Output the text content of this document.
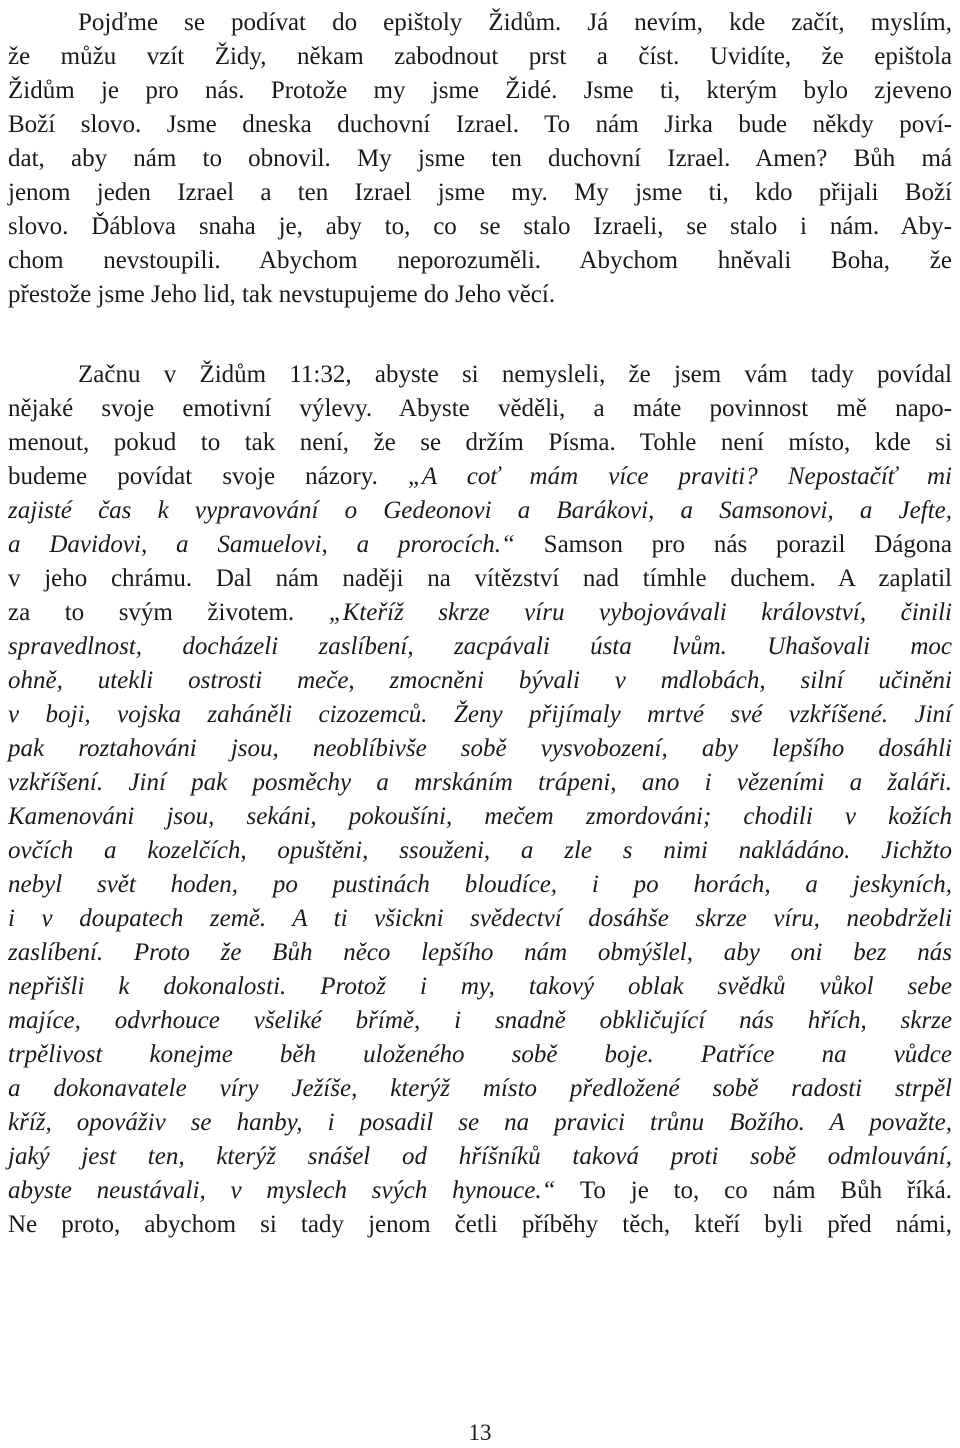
Pojďme se podívat do epištoly Židům. Já nevím, kde začít, myslím,
že můžu vzít Židy, někam zabodnout prst a číst. Uvidíte, že epištola
Židům je pro nás. Protože my jsme Židé. Jsme ti, kterým bylo zjeveno
Boží slovo. Jsme dneska duchovní Izrael. To nám Jirka bude někdy poví-
dat, aby nám to obnovil. My jsme ten duchovní Izrael. Amen? Bůh má
jenom jeden Izrael a ten Izrael jsme my. My jsme ti, kdo přijali Boží
slovo. Ďáblova snaha je, aby to, co se stalo Izraeli, se stalo i nám. Aby-
chom nevstoupili. Abychom neporozuměli. Abychom hněvali Boha, že
přestože jsme Jeho lid, tak nevstupujeme do Jeho věcí.
Začnu v Židům 11:32, abyste si nemysleli, že jsem vám tady povídal
nějaké svoje emotivní výlevy. Abyste věděli, a máte povinnost mě napo-
menout, pokud to tak není, že se držím Písma. Tohle není místo, kde si
budeme povídat svoje názory. „A coť mám více praviti? Nepostačíť mi
zajisté čas k vypravování o Gedeonovi a Barákovi, a Samsonovi, a Jefte,
a Davidovi, a Samuelovi, a prorocích.“ Samson pro nás porazil Dágona
v jeho chrámu. Dal nám naději na vítězství nad tímhle duchem. A zaplatil
za to svým životem. „Kteříž skrze víru vybojovávali království, činili
spravedlnost, docházeli zaslíbení, zacpávali ústa lvům. Uhašovali moc
ohně, utekli ostrosti meče, zmocněni bývali v mdlobách, silní učiněni
v boji, vojska zaháněli cizozemců. Ženy přijímaly mrtvé své vzkříšené. Jiní
pak roztahováni jsou, neoblíbivše sobě vysvobození, aby lepšího dosáhli
vzkříšení. Jiní pak posměchy a mrskáním trápeni, ano i vězeními a žaláři.
Kamenováni jsou, sekáni, pokoušíni, mečem zmordováni; chodili v kožích
ovčích a kozelčích, opuštěni, ssouženi, a zle s nimi nakládáno. Jichžto
nebyl svět hoden, po pustinách bloudíce, i po horách, a jeskyních,
i v doupatech země. A ti všickni svědectví dosáhše skrze víru, neobdrželi
zaslíbení. Proto že Bůh něco lepšího nám obmýšlel, aby oni bez nás
nepřišli k dokonalosti. Protož i my, takový oblak svědků vůkol sebe
majíce, odvrhouce všeliké břímě, i snadně obkličující nás hřích, skrze
trpělivost konejme běh uloženého sobě boje. Patříce na vůdce
a dokonavatele víry Ježíše, kterýž místo předložené sobě radosti strpěl
kříž, opováživ se hanby, i posadil se na pravici trůnu Božího. A považte,
jaký jest ten, kterýž snášel od hříšníků taková proti sobě odmlouvání,
abyste neustávali, v myslech svých hynouce.“ To je to, co nám Bůh říká.
Ne proto, abychom si tady jenom četli příběhy těch, kteří byli před námi,
13
